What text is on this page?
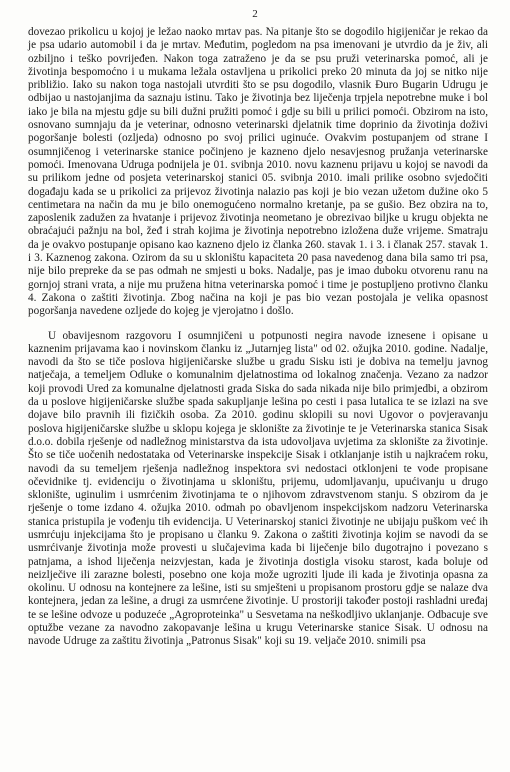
2

dovezao prikolicu u kojoj je ležao naoko mrtav pas. Na pitanje što se dogodilo higijeničar je rekao da je psa udario automobil i da je mrtav. Međutim, pogledom na psa imenovani je utvrdio da je živ, ali ozbiljno i teško povrijeđen. Nakon toga zatraženo je da se psu pruži veterinarska pomoć, ali je životinja bespomoćno i u mukama ležala ostavljena u prikolici preko 20 minuta da joj se nitko nije približio. Iako su nakon toga nastojali utvrditi što se psu dogodilo, vlasnik Đuro Bugarin Udrugu je odbijao u nastojanjima da saznaju istinu. Tako je životinja bez liječenja trpjela nepotrebne muke i bol iako je bila na mjestu gdje su bili dužni pružiti pomoć i gdje su bili u prilici pomoći. Obzirom na isto, osnovano sumnjaju da je veterinar, odnosno veterinarski djelatnik time doprinio da životinja doživi pogoršanje bolesti (ozljeda) odnosno po svoj prilici uginuće. Ovakvim postupanjem od strane I osumnjičenog i veterinarske stanice počinjeno je kazneno djelo nesavjesnog pružanja veterinarske pomoći. Imenovana Udruga podnijela je 01. svibnja 2010. novu kaznenu prijavu u kojoj se navodi da su prilikom jedne od posjeta veterinarskoj stanici 05. svibnja 2010. imali prilike osobno svjedočiti događaju kada se u prikolici za prijevoz životinja nalazio pas koji je bio vezan užetom dužine oko 5 centimetara na način da mu je bilo onemogućeno normalno kretanje, pa se gušio. Bez obzira na to, zaposlenik zadužen za hvatanje i prijevoz životinja neometano je obrezivao biljke u krugu objekta ne obraćajući pažnju na bol, žeđ i strah kojima je životinja nepotrebno izložena duže vrijeme. Smatraju da je ovakvo postupanje opisano kao kazneno djelo iz članka 260. stavak 1. i 3. i članak 257. stavak 1. i 3. Kaznenog zakona. Ozirom da su u skloništu kapaciteta 20 pasa navedenog dana bila samo tri psa, nije bilo prepreke da se pas odmah ne smjesti u boks. Nadalje, pas je imao duboku otvorenu ranu na gornjoj strani vrata, a nije mu pružena hitna veterinarska pomoć i time je postupljeno protivno članku 4. Zakona o zaštiti životinja. Zbog načina na koji je pas bio vezan postojala je velika opasnost pogoršanja navedene ozljede do kojeg je vjerojatno i došlo.

U obavijesnom razgovoru I osumnjičeni u potpunosti negira navode iznesene i opisane u kaznenim prijavama kao i novinskom članku iz „Jutarnjeg lista" od 02. ožujka 2010. godine. Nadalje, navodi da što se tiče poslova higijeničarske službe u gradu Sisku isti je dobiva na temelju javnog natječaja, a temeljem Odluke o komunalnim djelatnostima od lokalnog značenja. Vezano za nadzor koji provodi Ured za komunalne djelatnosti grada Siska do sada nikada nije bilo primjedbi, a obzirom da u poslove higijeničarske službe spada sakupljanje lešina po cesti i pasa lutalica te se izlazi na sve dojave bilo pravnih ili fizičkih osoba. Za 2010. godinu sklopili su novi Ugovor o povjeravanju poslova higijeničarske službe u sklopu kojega je sklonište za životinje te je Veterinarska stanica Sisak d.o.o. dobila rješenje od nadležnog ministarstva da ista udovoljava uvjetima za sklonište za životinje. Što se tiče uočenih nedostataka od Veterinarske inspekcije Sisak i otklanjanje istih u najkraćem roku, navodi da su temeljem rješenja nadležnog inspektora svi nedostaci otklonjeni te vode propisane očevidnike tj. evidenciju o životinjama u skloništu, prijemu, udomljavanju, upućivanju u drugo sklonište, uginulim i usmrćenim životinjama te o njihovom zdravstvenom stanju. S obzirom da je rješenje o tome izdano 4. ožujka 2010. odmah po obavljenom inspekcijskom nadzoru Veterinarska stanica pristupila je vođenju tih evidencija. U Veterinarskoj stanici životinje ne ubijaju puškom već ih usmrćuju injekcijama što je propisano u članku 9. Zakona o zaštiti životinja kojim se navodi da se usmrćivanje životinja može provesti u slučajevima kada bi liječenje bilo dugotrajno i povezano s patnjama, a ishod liječenja neizvjestan, kada je životinja dostigla visoku starost, kada boluje od neizlječive ili zarazne bolesti, posebno one koja može ugroziti ljude ili kada je životinja opasna za okolinu. U odnosu na kontejnere za lešine, isti su smješteni u propisanom prostoru gdje se nalaze dva kontejnera, jedan za lešine, a drugi za usmrćene životinje. U prostoriji također postoji rashladni uređaj te se lešine odvoze u poduzeće „Agroproteinka" u Sesvetama na neškodljivo uklanjanje. Odbacuje sve optužbe vezane za navodno zakopavanje lešina u krugu Veterinarske stanice Sisak. U odnosu na navode Udruge za zaštitu životinja „Patronus Sisak" koji su 19. veljače 2010. snimili psa
